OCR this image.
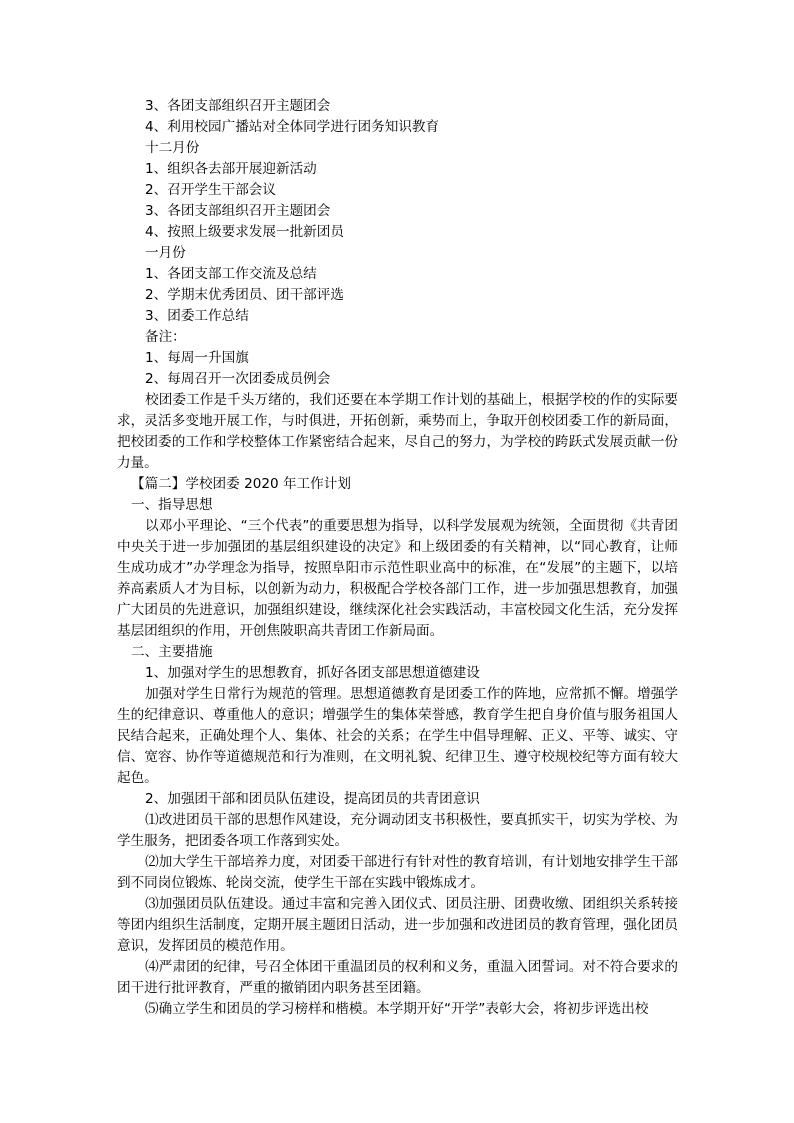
3、各团支部组织召开主题团会
4、利用校园广播站对全体同学进行团务知识教育
十二月份
1、组织各去部开展迎新活动
2、召开学生干部会议
3、各团支部组织召开主题团会
4、按照上级要求发展一批新团员
一月份
1、各团支部工作交流及总结
2、学期末优秀团员、团干部评选
3、团委工作总结
备注：
1、每周一升国旗
2、每周召开一次团委成员例会
校团委工作是千头万绪的，我们还要在本学期工作计划的基础上，根据学校的作的实际要求，灵活多变地开展工作，与时俱进，开拓创新，乘势而上，争取开创校团委工作的新局面，把校团委的工作和学校整体工作紧密结合起来，尽自己的努力，为学校的跨跃式发展贡献一份力量。
【篇二】学校团委 2020 年工作计划
一、指导思想
以邓小平理论、“三个代表”的重要思想为指导，以科学发展观为统领，全面贯彻《共青团中央关于进一步加强团的基层组织建设的决定》和上级团委的有关精神，以“同心教育，让师生成功成才”办学理念为指导，按照阜阳市示范性职业高中的标准，在“发展”的主题下，以培养高素质人才为目标，以创新为动力，积极配合学校各部门工作，进一步加强思想教育，加强广大团员的先进意识，加强组织建设，继续深化社会实践活动，丰富校园文化生活，充分发挥基层团组织的作用，开创焦陂职高共青团工作新局面。
二、主要措施
1、加强对学生的思想教育，抓好各团支部思想道德建设
加强对学生日常行为规范的管理。思想道德教育是团委工作的阵地，应常抓不懈。增强学生的纪律意识、尊重他人的意识；增强学生的集体荣誉感，教育学生把自身价值与服务祖国人民结合起来，正确处理个人、集体、社会的关系；在学生中倡导理解、正义、平等、诚实、守信、宽容、协作等道德规范和行为准则，在文明礼貌、纪律卫生、遵守校规校纪等方面有较大起色。
2、加强团干部和团员队伍建设，提高团员的共青团意识
⑴改进团员干部的思想作风建设，充分调动团支书积极性，要真抓实干，切实为学校、为学生服务，把团委各项工作落到实处。
⑵加大学生干部培养力度，对团委干部进行有针对性的教育培训，有计划地安排学生干部到不同岗位锻炼、轮岗交流，使学生干部在实践中锻炼成才。
⑶加强团员队伍建设。通过丰富和完善入团仪式、团员注册、团费收缴、团组织关系转接等团内组织生活制度，定期开展主题团日活动，进一步加强和改进团员的教育管理，强化团员意识，发挥团员的模范作用。
⑷严肃团的纪律，号召全体团干重温团员的权利和义务，重温入团誓词。对不符合要求的团干进行批评教育，严重的撤销团内职务甚至团籍。
⑸确立学生和团员的学习榜样和楷模。本学期开好“开学”表彰大会，将初步评选出校
